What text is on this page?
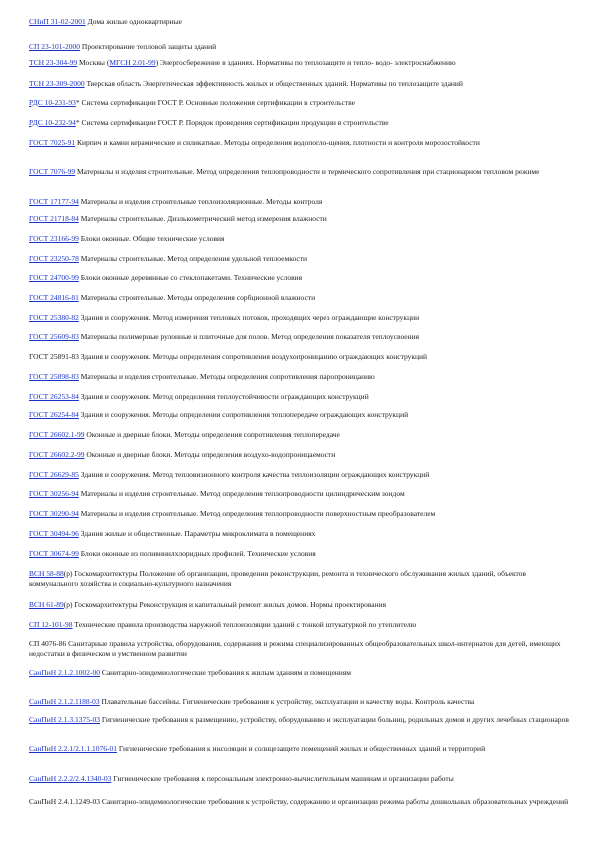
СНиП 31-02-2001 Дома жилые одноквартирные
СП 23-101-2000 Проектирование тепловой защиты зданий
ТСН 23-304-99 Москвы (МГСН 2.01-99) Энергосбережение в зданиях. Нормативы по теплозащите и тепло- водо- электроснабжению
ТСН 23-309-2000 Тверская область Энергетическая эффективность жилых и общественных зданий. Нормативы по теплозащите зданий
РДС 10-231-93* Система сертификации ГОСТ Р. Основные положения сертификации в строительстве
РДС 10-232-94* Система сертификации ГОСТ Р. Порядок проведения сертификации продукции в строительстве
ГОСТ 7025-91 Кирпич и камни керамические и силикатные. Методы определения водопогло-щения, плотности и контроля морозостойкости
ГОСТ 7076-99 Материалы и изделия строительные. Метод определения теплопроводности и термического сопротивления при стационарном тепловом режиме
ГОСТ 17177-94 Материалы и изделия строительные теплоизоляционные. Методы контроля
ГОСТ 21718-84 Материалы строительные. Диэлькометрический метод измерения влажности
ГОСТ 23166-99 Блоки оконные. Общие технические условия
ГОСТ 23250-78 Материалы строительные. Метод определения удельной теплоемкости
ГОСТ 24700-99 Блоки оконные деревянные со стеклопакетами. Технические условия
ГОСТ 24816-81 Материалы строительные. Методы определения сорбционной влажности
ГОСТ 25380-82 Здания и сооружения. Метод измерения тепловых потоков, проходящих через ограждающие конструкции
ГОСТ 25609-83 Материалы полимерные рулонные и плиточные для полов. Метод определения показателя теплоусвоения
ГОСТ 25891-83 Здания и сооружения. Методы определения сопротивления воздухопроницанию ограждающих конструкций
ГОСТ 25898-83 Материалы и изделия строительные. Методы определения сопротивления паропроницанию
ГОСТ 26253-84 Здания и сооружения. Метод определения теплоустойчивости ограждающих конструкций
ГОСТ 26254-84 Здания и сооружения. Методы определения сопротивления теплопередаче ограждающих конструкций
ГОСТ 26602.1-99 Оконные и дверные блоки. Методы определения сопротивления теплопередаче
ГОСТ 26602.2-99 Оконные и дверные блоки. Методы определения воздухо-водопроницаемости
ГОСТ 26629-85 Здания и сооружения. Метод тепловизионного контроля качества теплоизоляции ограждающих конструкций
ГОСТ 30256-94 Материалы и изделия строительные. Метод определения теплопроводности цилиндрическим зондом
ГОСТ 30290-94 Материалы и изделия строительные. Метод определения теплопроводности поверхностным преобразователем
ГОСТ 30494-96 Здания жилые и общественные. Параметры микроклимата в помещениях
ГОСТ 30674-99 Блоки оконные из поливинилхлоридных профилей. Технические условия
ВСН 58-88(р) Госкомархитектуры Положение об организации, проведении реконструкции, ремонта и технического обслуживания жилых зданий, объектов коммунального хозяйства и социально-культурного назначения
ВСН 61-89(р) Госкомархитектуры Реконструкция и капитальный ремонт жилых домов. Нормы проектирования
СП 12-101-98 Технические правила производства наружной теплоизоляции зданий с тонкой штукатуркой по утеплителю
СП 4076-86 Санитарные правила устройства, оборудования, содержания и режима специализированных общеобразовательных школ-интернатов для детей, имеющих недостатки в физическом и умственном развитии
СанПиН 2.1.2.1002-00 Санитарно-эпидемиологические требования к жилым зданиям и помещениям
СанПиН 2.1.2.1188-03 Плавательные бассейны. Гигиенические требования к устройству, эксплуатации и качеству воды. Контроль качества
СанПиН 2.1.3.1375-03 Гигиенические требования к размещению, устройству, оборудованию и эксплуатации больниц, родильных домов и других лечебных стационаров
СанПиН 2.2.1/2.1.1.1076-01 Гигиенические требования к инсоляции и солнцезащите помещений жилых и общественных зданий и территорий
СанПиН 2.2.2/2.4.1340-03 Гигиенические требования к персональным электронно-вычислительным машинам и организации работы
СанПиН 2.4.1.1249-03 Санитарно-эпидемиологические требования к устройству, содержанию и организации режима работы дошкольных образовательных учреждений
